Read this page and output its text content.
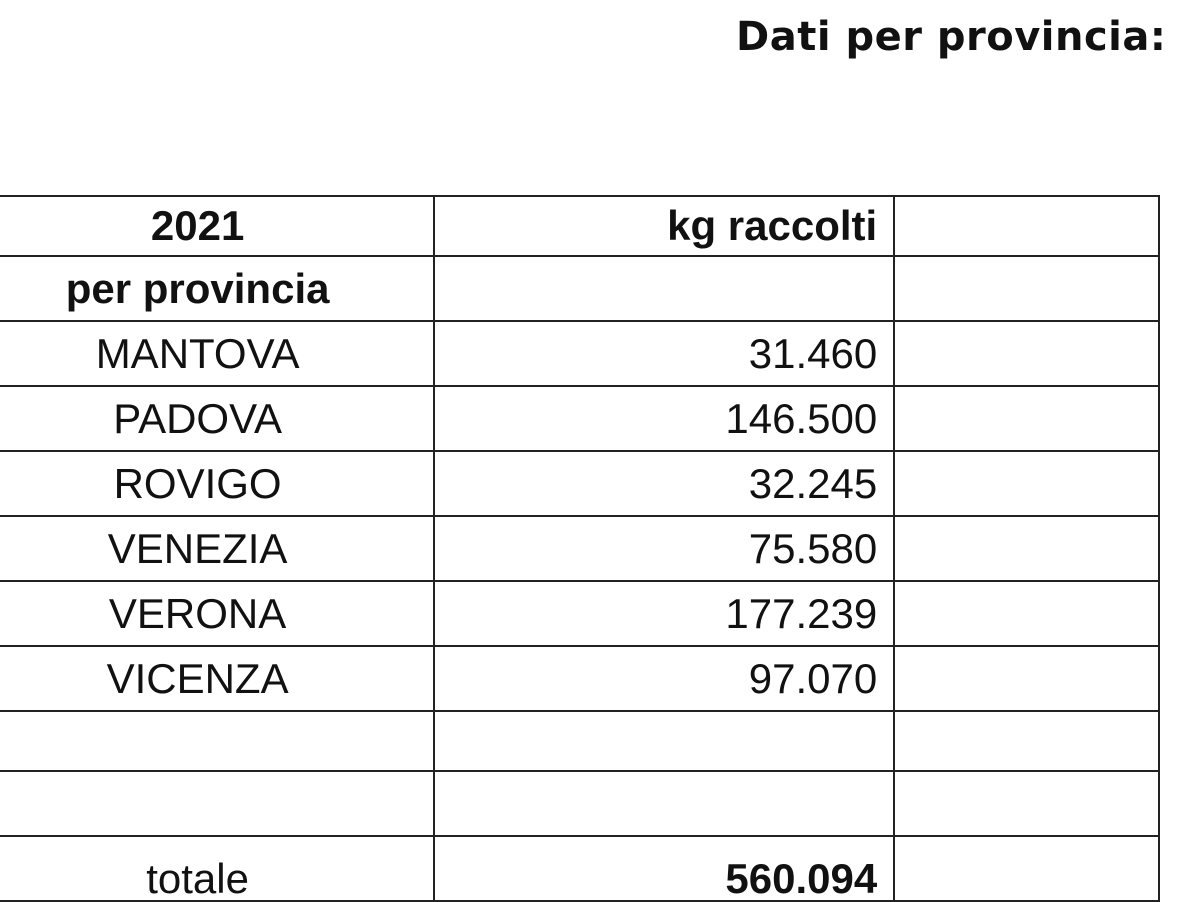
Dati per provincia:
2021	kg raccolti	
per provincia		
MANTOVA	31.460	
PADOVA	146.500	
ROVIGO	32.245	
VENEZIA	75.580	
VERONA	177.239	
VICENZA	97.070	

totale	560.094	
